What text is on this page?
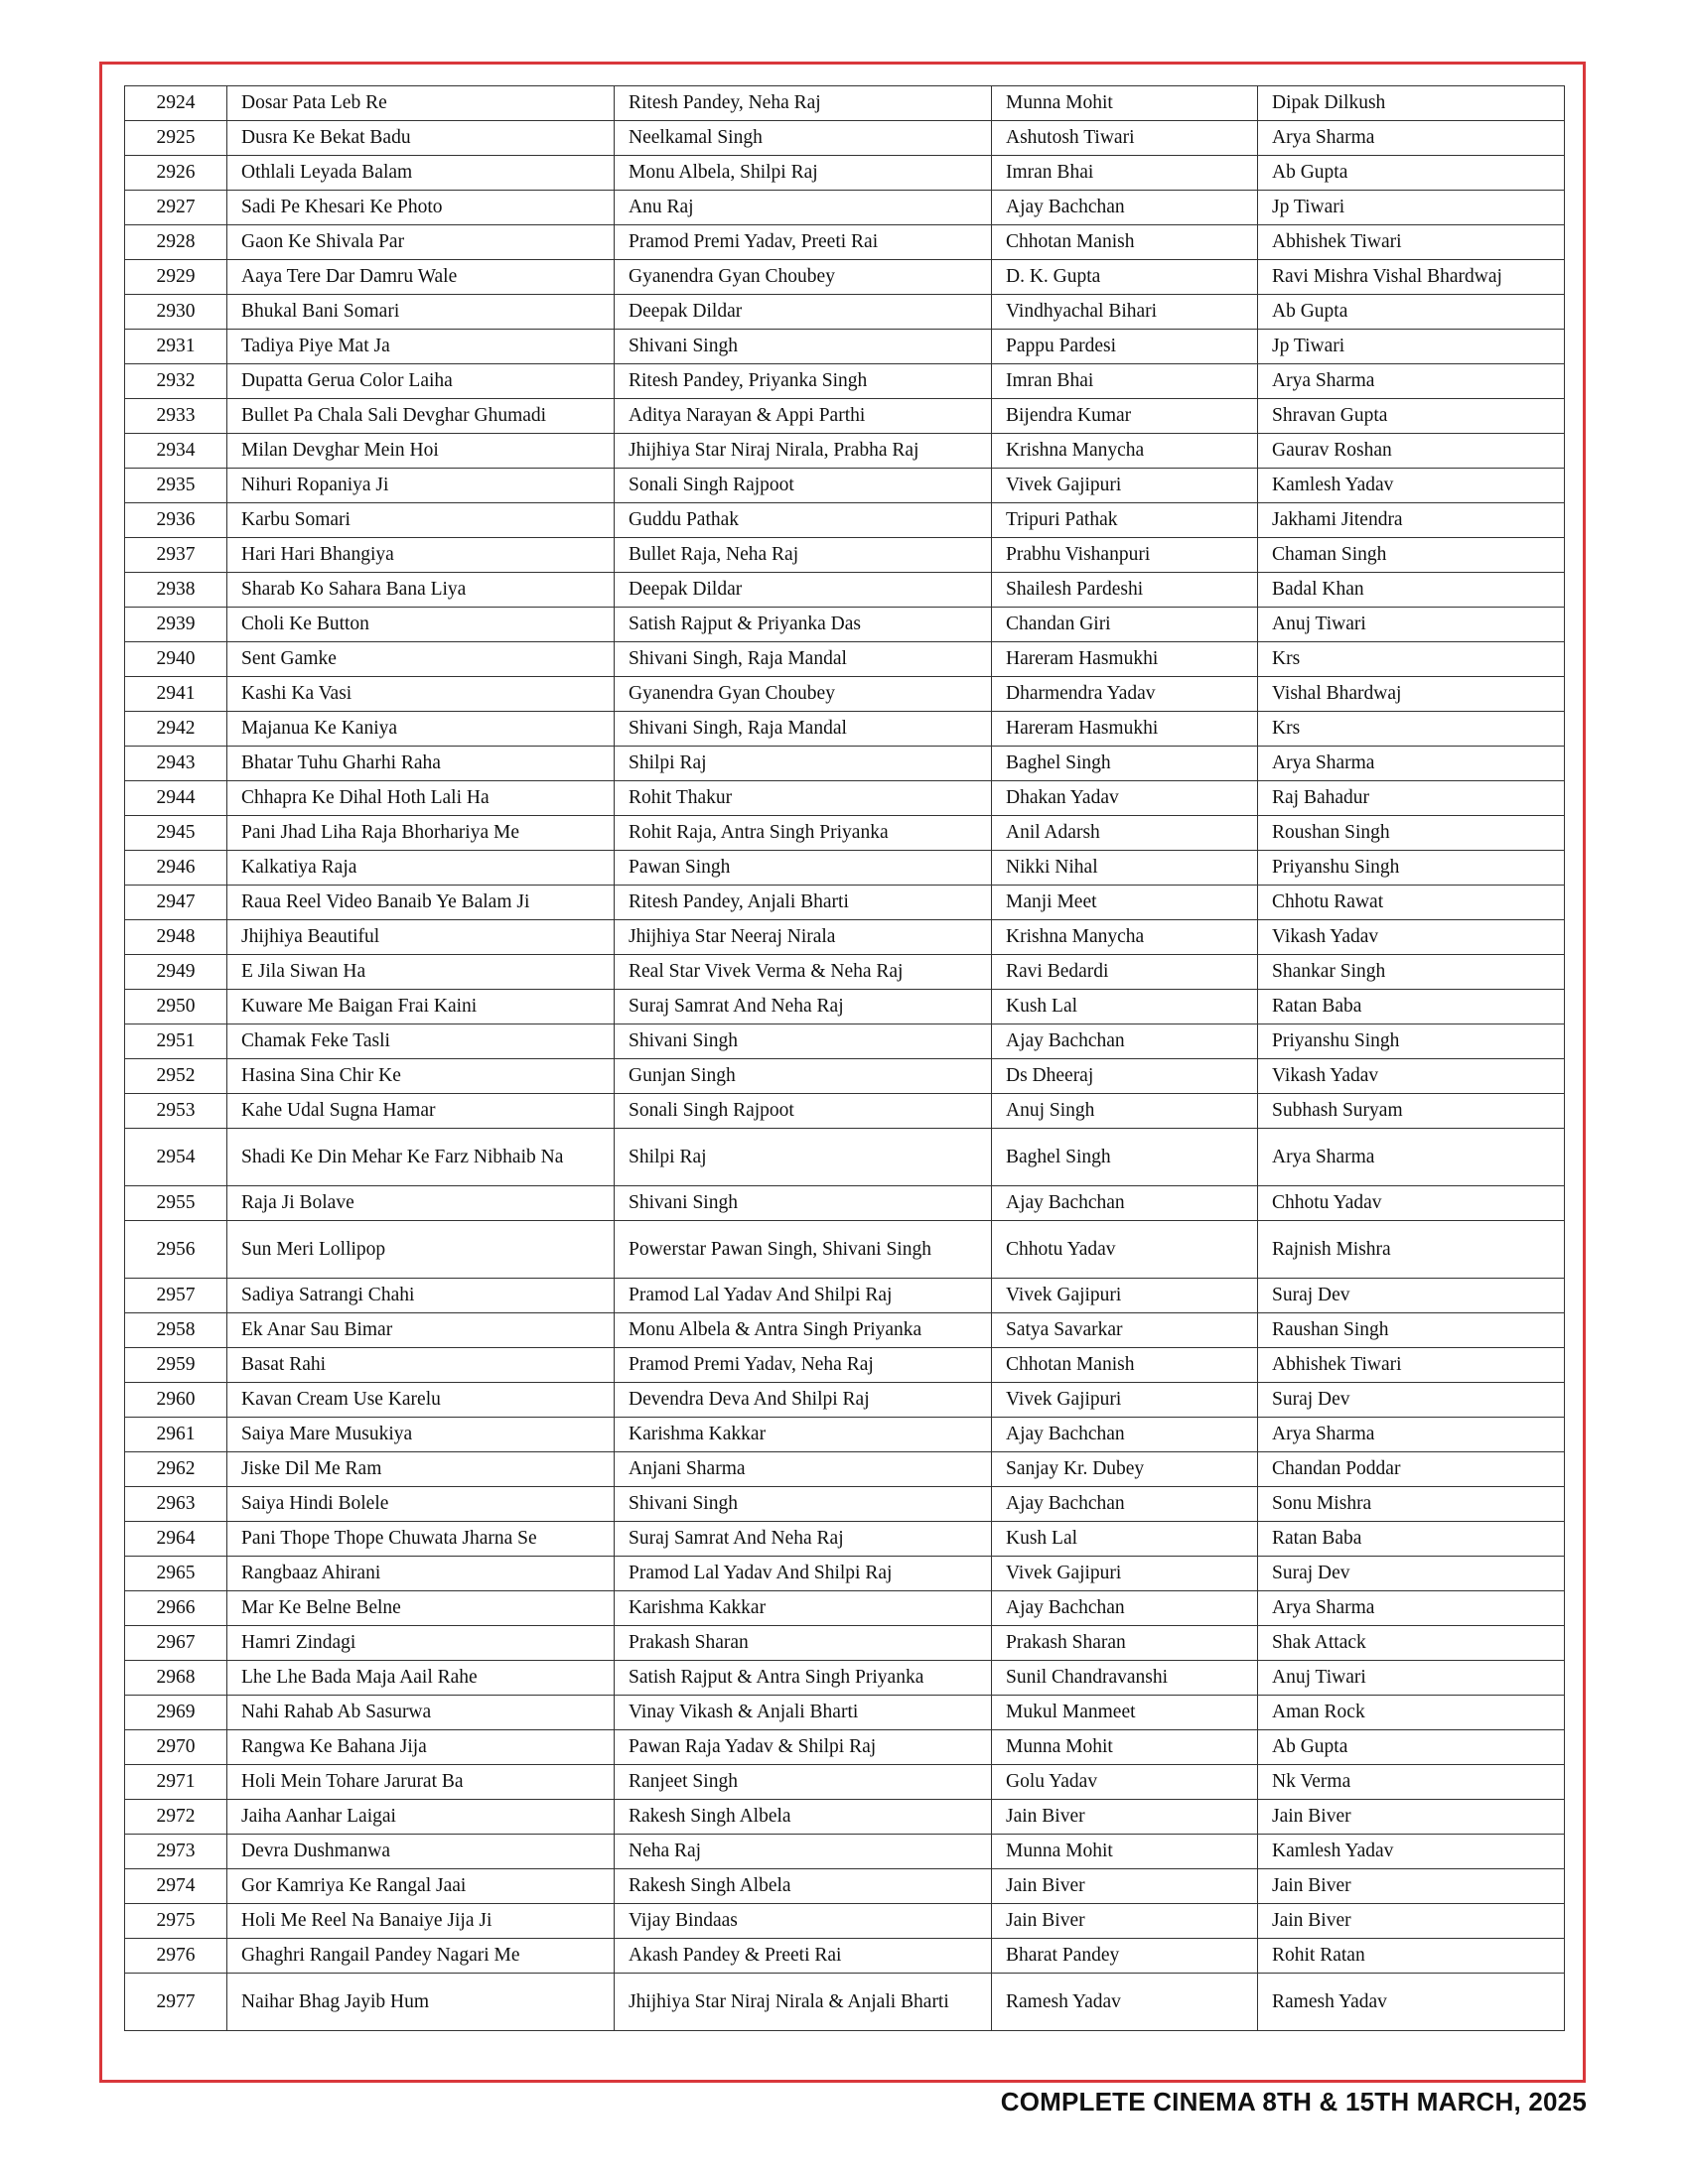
2924	Dosar Pata Leb Re	Ritesh Pandey, Neha Raj	Munna Mohit	Dipak Dilkush
2925	Dusra Ke Bekat Badu	Neelkamal Singh	Ashutosh Tiwari	Arya Sharma
2926	Othlali Leyada Balam	Monu Albela, Shilpi Raj	Imran Bhai	Ab Gupta
2927	Sadi Pe Khesari Ke Photo	Anu Raj	Ajay Bachchan	Jp Tiwari
2928	Gaon Ke Shivala Par	Pramod Premi Yadav, Preeti Rai	Chhotan Manish	Abhishek Tiwari
2929	Aaya Tere Dar Damru Wale	Gyanendra Gyan Choubey	D. K. Gupta	Ravi Mishra Vishal Bhardwaj
2930	Bhukal Bani Somari	Deepak Dildar	Vindhyachal Bihari	Ab Gupta
2931	Tadiya Piye Mat Ja	Shivani Singh	Pappu Pardesi	Jp Tiwari
2932	Dupatta Gerua Color Laiha	Ritesh Pandey, Priyanka Singh	Imran Bhai	Arya Sharma
2933	Bullet Pa Chala Sali Devghar Ghumadi	Aditya Narayan & Appi Parthi	Bijendra Kumar	Shravan Gupta
2934	Milan Devghar Mein Hoi	Jhijhiya Star Niraj Nirala, Prabha Raj	Krishna Manycha	Gaurav Roshan
2935	Nihuri Ropaniya Ji	Sonali Singh Rajpoot	Vivek Gajipuri	Kamlesh Yadav
2936	Karbu Somari	Guddu Pathak	Tripuri Pathak	Jakhami Jitendra
2937	Hari Hari Bhangiya	Bullet Raja, Neha Raj	Prabhu Vishanpuri	Chaman Singh
2938	Sharab Ko Sahara Bana Liya	Deepak Dildar	Shailesh Pardeshi	Badal Khan
2939	Choli Ke Button	Satish Rajput & Priyanka Das	Chandan Giri	Anuj Tiwari
2940	Sent Gamke	Shivani Singh, Raja Mandal	Hareram Hasmukhi	Krs
2941	Kashi Ka Vasi	Gyanendra Gyan Choubey	Dharmendra Yadav	Vishal Bhardwaj
2942	Majanua Ke Kaniya	Shivani Singh, Raja Mandal	Hareram Hasmukhi	Krs
2943	Bhatar Tuhu Gharhi Raha	Shilpi Raj	Baghel Singh	Arya Sharma
2944	Chhapra Ke Dihal Hoth Lali Ha	Rohit Thakur	Dhakan Yadav	Raj Bahadur
2945	Pani Jhad Liha Raja Bhorhariya Me	Rohit Raja, Antra Singh Priyanka	Anil Adarsh	Roushan Singh
2946	Kalkatiya Raja	Pawan Singh	Nikki Nihal	Priyanshu Singh
2947	Raua Reel Video Banaib Ye Balam Ji	Ritesh Pandey, Anjali Bharti	Manji Meet	Chhotu Rawat
2948	Jhijhiya Beautiful	Jhijhiya Star Neeraj Nirala	Krishna Manycha	Vikash Yadav
2949	E Jila Siwan Ha	Real Star Vivek Verma & Neha Raj	Ravi Bedardi	Shankar Singh
2950	Kuware Me Baigan Frai Kaini	Suraj Samrat And Neha Raj	Kush Lal	Ratan Baba
2951	Chamak Feke Tasli	Shivani Singh	Ajay Bachchan	Priyanshu Singh
2952	Hasina Sina Chir Ke	Gunjan Singh	Ds Dheeraj	Vikash Yadav
2953	Kahe Udal Sugna Hamar	Sonali Singh Rajpoot	Anuj Singh	Subhash Suryam
2954	Shadi Ke Din Mehar Ke Farz Nibhaib Na	Shilpi Raj	Baghel Singh	Arya Sharma
2955	Raja Ji Bolave	Shivani Singh	Ajay Bachchan	Chhotu Yadav
2956	Sun Meri Lollipop	Powerstar Pawan Singh, Shivani Singh	Chhotu Yadav	Rajnish Mishra
2957	Sadiya Satrangi Chahi	Pramod Lal Yadav And Shilpi Raj	Vivek Gajipuri	Suraj Dev
2958	Ek Anar Sau Bimar	Monu Albela & Antra Singh Priyanka	Satya Savarkar	Raushan Singh
2959	Basat Rahi	Pramod Premi Yadav, Neha Raj	Chhotan Manish	Abhishek Tiwari
2960	Kavan Cream Use Karelu	Devendra Deva And Shilpi Raj	Vivek Gajipuri	Suraj Dev
2961	Saiya Mare Musukiya	Karishma Kakkar	Ajay Bachchan	Arya Sharma
2962	Jiske Dil Me Ram	Anjani Sharma	Sanjay Kr. Dubey	Chandan Poddar
2963	Saiya Hindi Bolele	Shivani Singh	Ajay Bachchan	Sonu Mishra
2964	Pani Thope Thope Chuwata Jharna Se	Suraj Samrat And Neha Raj	Kush Lal	Ratan Baba
2965	Rangbaaz Ahirani	Pramod Lal Yadav And Shilpi Raj	Vivek Gajipuri	Suraj Dev
2966	Mar Ke Belne Belne	Karishma Kakkar	Ajay Bachchan	Arya Sharma
2967	Hamri Zindagi	Prakash Sharan	Prakash Sharan	Shak Attack
2968	Lhe Lhe Bada Maja Aail Rahe	Satish Rajput & Antra Singh Priyanka	Sunil Chandravanshi	Anuj Tiwari
2969	Nahi Rahab Ab Sasurwa	Vinay Vikash & Anjali Bharti	Mukul Manmeet	Aman Rock
2970	Rangwa Ke Bahana Jija	Pawan Raja Yadav & Shilpi Raj	Munna Mohit	Ab Gupta
2971	Holi Mein Tohare Jarurat Ba	Ranjeet Singh	Golu Yadav	Nk Verma
2972	Jaiha Aanhar Laigai	Rakesh Singh Albela	Jain Biver	Jain Biver
2973	Devra Dushmanwa	Neha Raj	Munna Mohit	Kamlesh Yadav
2974	Gor Kamriya Ke Rangal Jaai	Rakesh Singh Albela	Jain Biver	Jain Biver
2975	Holi Me Reel Na Banaiye Jija Ji	Vijay Bindaas	Jain Biver	Jain Biver
2976	Ghaghri Rangail Pandey Nagari Me	Akash Pandey & Preeti Rai	Bharat Pandey	Rohit Ratan
2977	Naihar Bhag Jayib Hum	Jhijhiya Star Niraj Nirala & Anjali Bharti	Ramesh Yadav	Ramesh Yadav
COMPLETE CINEMA 8TH & 15TH MARCH, 2025
